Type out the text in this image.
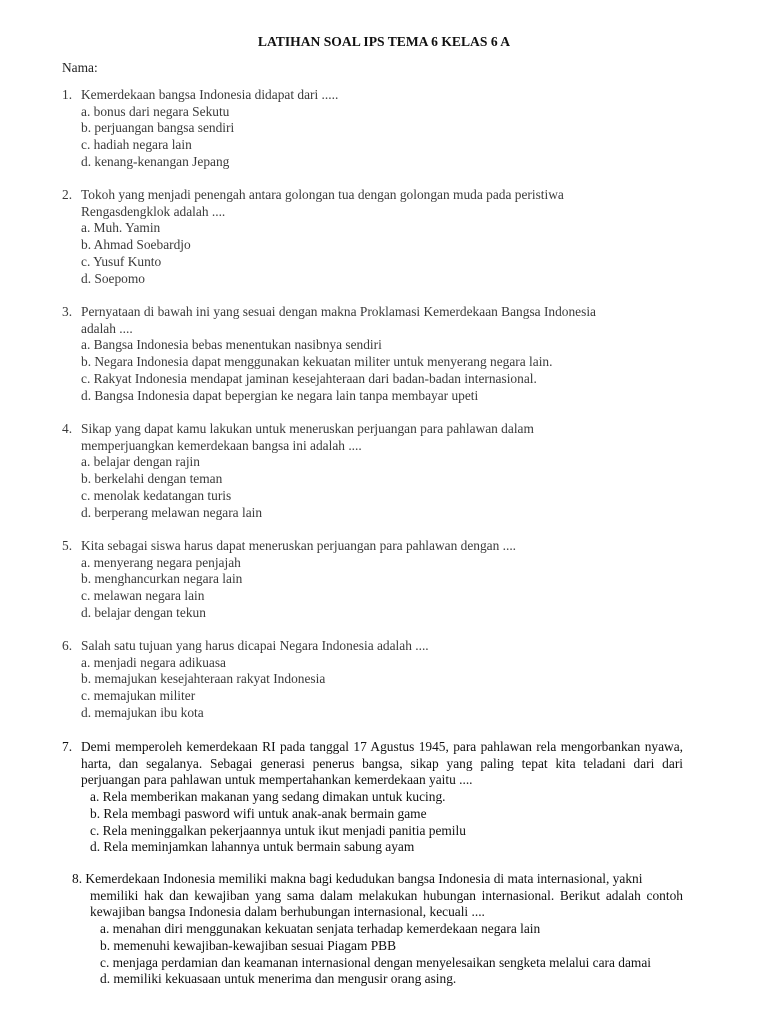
LATIHAN SOAL IPS TEMA 6 KELAS 6 A
Nama:
1. Kemerdekaan bangsa Indonesia didapat dari .....
a. bonus dari negara Sekutu
b. perjuangan bangsa sendiri
c. hadiah negara lain
d. kenang-kenangan Jepang
2. Tokoh yang menjadi penengah antara golongan tua dengan golongan muda pada peristiwa
Rengasdengklok adalah ....
a. Muh. Yamin
b. Ahmad Soebardjo
c. Yusuf Kunto
d. Soepomo
3. Pernyataan di bawah ini yang sesuai dengan makna Proklamasi Kemerdekaan Bangsa Indonesia
adalah ....
a. Bangsa Indonesia bebas menentukan nasibnya sendiri
b. Negara Indonesia dapat menggunakan kekuatan militer untuk menyerang negara lain.
c. Rakyat Indonesia mendapat jaminan kesejahteraan dari badan-badan internasional.
d. Bangsa Indonesia dapat bepergian ke negara lain tanpa membayar upeti
4. Sikap yang dapat kamu lakukan untuk meneruskan perjuangan para pahlawan dalam
memperjuangkan kemerdekaan bangsa ini adalah ....
a. belajar dengan rajin
b. berkelahi dengan teman
c. menolak kedatangan turis
d. berperang melawan negara lain
5. Kita sebagai siswa harus dapat meneruskan perjuangan para pahlawan dengan ....
a. menyerang negara penjajah
b. menghancurkan negara lain
c. melawan negara lain
d. belajar dengan tekun
6. Salah satu tujuan yang harus dicapai Negara Indonesia adalah ....
a. menjadi negara adikuasa
b. memajukan kesejahteraan rakyat Indonesia
c. memajukan militer
d. memajukan ibu kota
7. Demi memperoleh kemerdekaan RI pada tanggal 17 Agustus 1945, para pahlawan rela mengorbankan nyawa, harta, dan segalanya. Sebagai generasi penerus bangsa, sikap yang paling tepat kita teladani dari dari perjuangan para pahlawan untuk mempertahankan kemerdekaan yaitu ....
a. Rela memberikan makanan yang sedang dimakan untuk kucing.
b. Rela membagi pasword wifi untuk anak-anak bermain game
c. Rela meninggalkan pekerjaannya untuk ikut menjadi panitia pemilu
d. Rela meminjamkan lahannya untuk bermain sabung ayam
8. Kemerdekaan Indonesia memiliki makna bagi kedudukan bangsa Indonesia di mata internasional, yakni
memiliki hak dan kewajiban yang sama dalam melakukan hubungan internasional. Berikut adalah contoh kewajiban bangsa Indonesia dalam berhubungan internasional, kecuali ....
a. menahan diri menggunakan kekuatan senjata terhadap kemerdekaan negara lain
b. memenuhi kewajiban-kewajiban sesuai Piagam PBB
c. menjaga perdamian dan keamanan internasional dengan menyelesaikan sengketa melalui cara damai
d. memiliki kekuasaan untuk menerima dan mengusir orang asing.
